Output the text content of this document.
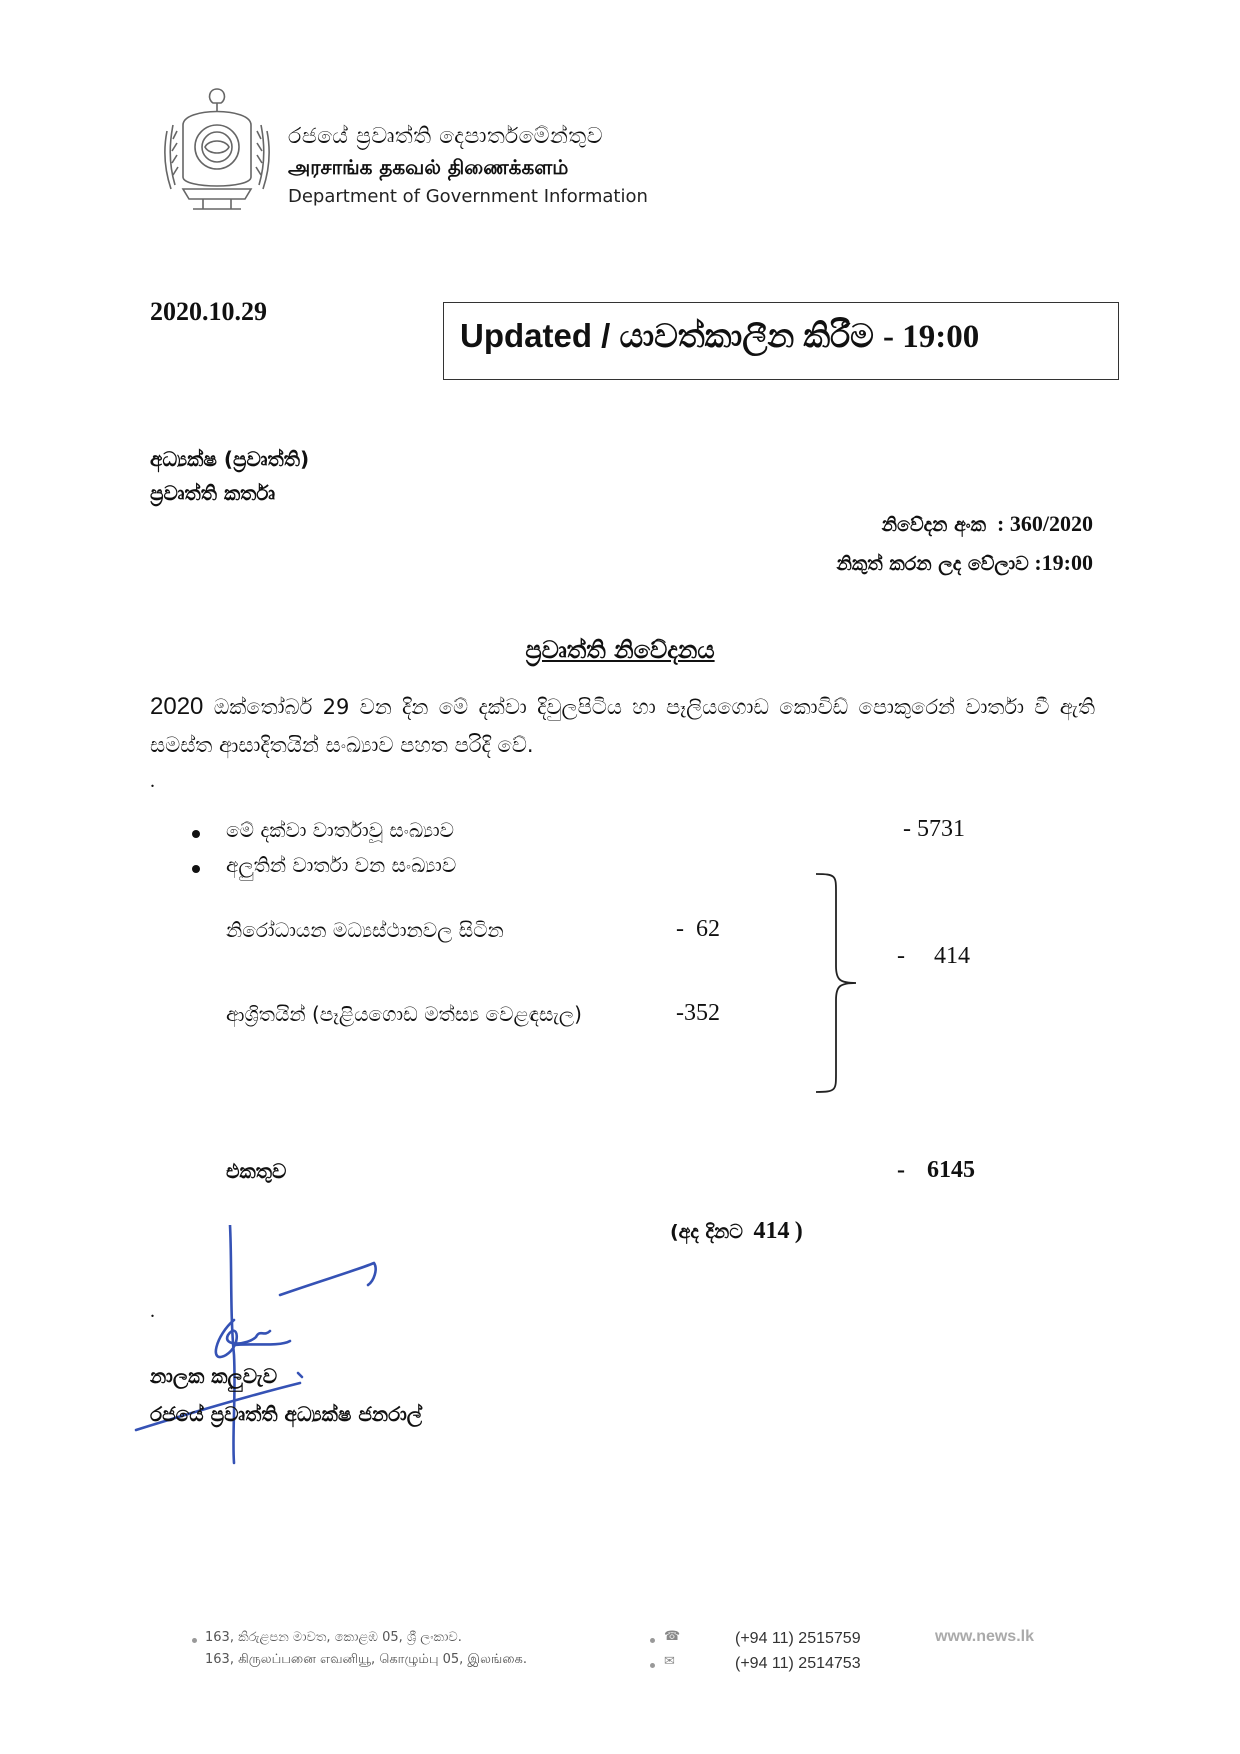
රජයේ ප්‍රවෘත්ති දෙපාර්තමේන්තුව
அரசாங்க தகவல் திணைக்களம்
Department of Government Information
2020.10.29
Updated / යාවත්කාලීන කිරීම - 19:00
අධ්‍යක්ෂ (ප්‍රවෘත්ති)
ප්‍රවෘත්ති කර්තෘ
නිවේදන අංක : 360/2020
නිකුත් කරන ලද වේලාව :19:00
ප්‍රවෘත්ති නිවේදනය
2020 ඔක්තෝබර් 29 වන දින මේ දක්වා දිවුලපිටිය හා පෑලියගොඩ කොවිඩ් පොකුරෙන් වාර්තා වී ඇති සමස්ත ආසාදිතයින් සංඛ්‍යාව පහත පරිදි වේ.
.
මේ දක්වා වාර්තාවූ සංඛ්‍යාව	- 5731
අලුතින් වාර්තා වන සංඛ්‍යාව
නිරෝධායන මධ්‍යස්ථානවල සිටින	-  62
ආශ්‍රිතයින් (පෑළියගොඩ මත්ස්‍ය වෙළඳසැල)	-352
- 414
එකතුව	- 6145
(අද දිනට 414 )
.
නාලක කලුවැව
රජයේ ප්‍රවෘත්ති අධ්‍යක්ෂ ජනරාල්
163, කිරුළපන මාවත, කොළඹ 05, ශ්‍රී ලංකාව.
163, கிருலப்பனை எவனியூ, கொழும்பு 05, இலங்கை.
☎	(+94 11) 2515759
✉	(+94 11) 2514753
www.news.lk
